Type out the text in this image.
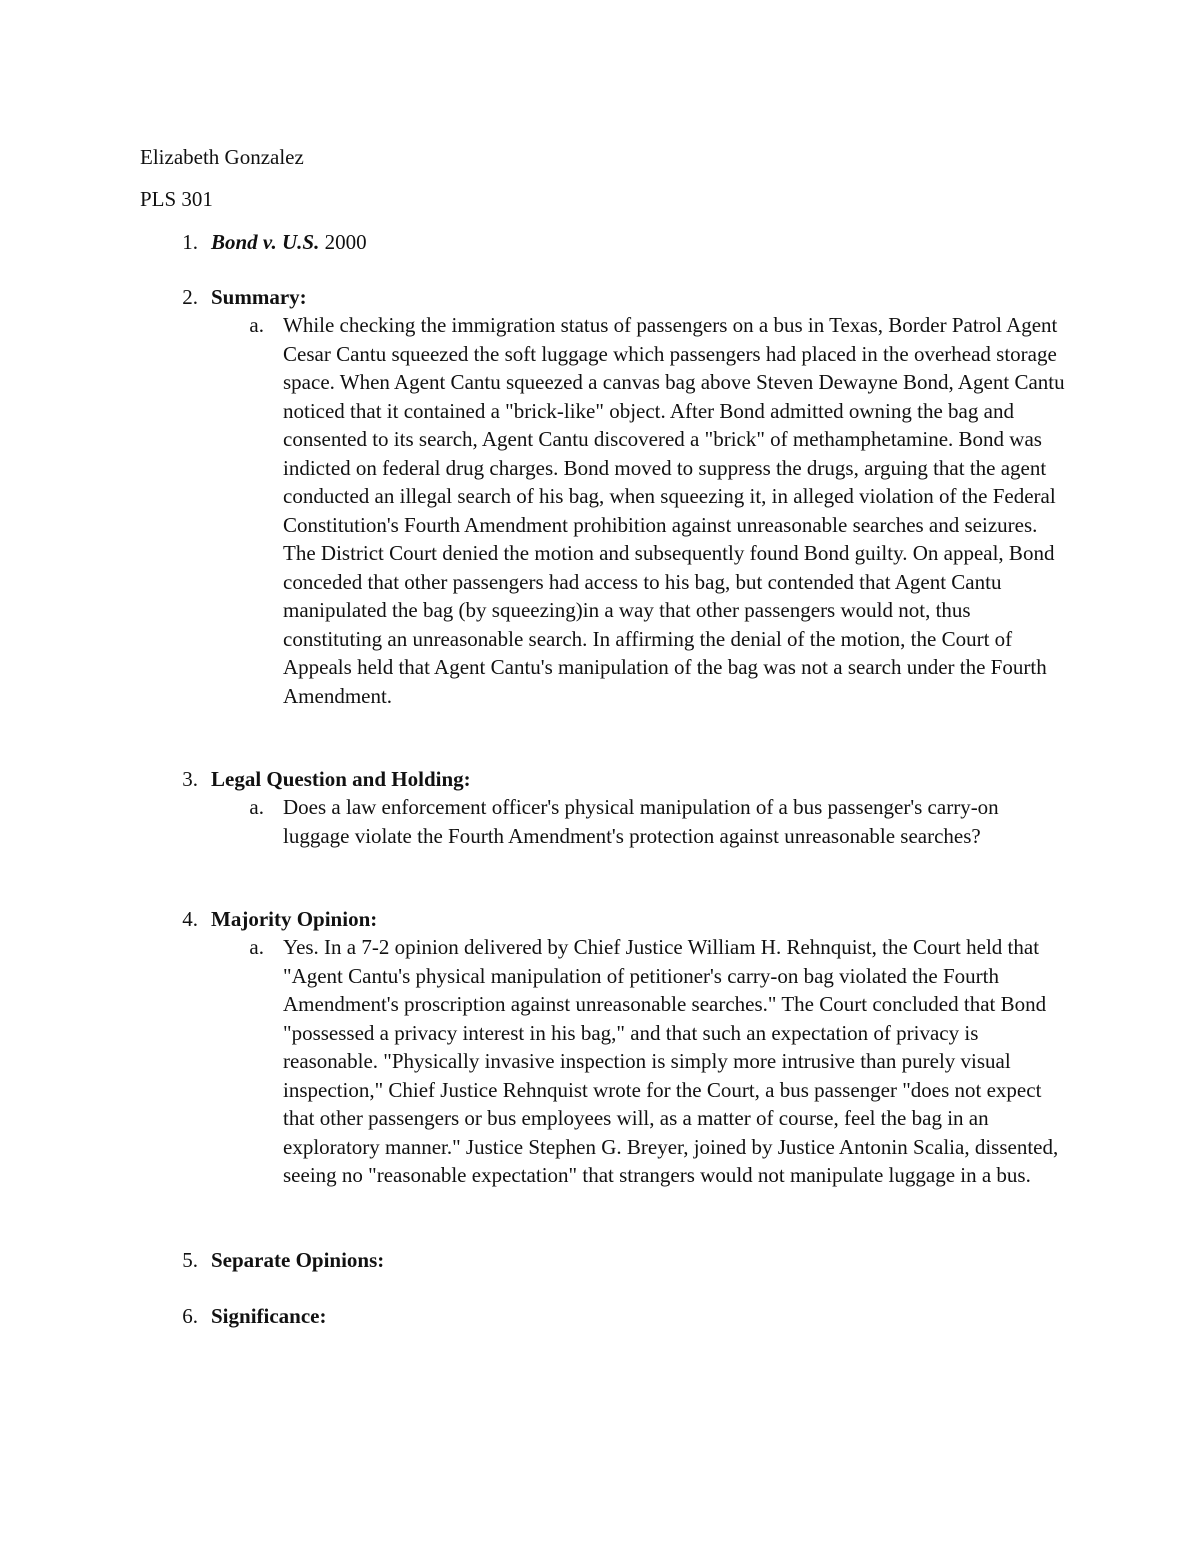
Elizabeth Gonzalez
PLS 301
1. Bond v. U.S. 2000
2. Summary:
a. While checking the immigration status of passengers on a bus in Texas, Border Patrol Agent Cesar Cantu squeezed the soft luggage which passengers had placed in the overhead storage space. When Agent Cantu squeezed a canvas bag above Steven Dewayne Bond, Agent Cantu noticed that it contained a "brick-like" object. After Bond admitted owning the bag and consented to its search, Agent Cantu discovered a "brick" of methamphetamine. Bond was indicted on federal drug charges. Bond moved to suppress the drugs, arguing that the agent conducted an illegal search of his bag, when squeezing it, in alleged violation of the Federal Constitution's Fourth Amendment prohibition against unreasonable searches and seizures. The District Court denied the motion and subsequently found Bond guilty. On appeal, Bond conceded that other passengers had access to his bag, but contended that Agent Cantu manipulated the bag (by squeezing)in a way that other passengers would not, thus constituting an unreasonable search. In affirming the denial of the motion, the Court of Appeals held that Agent Cantu's manipulation of the bag was not a search under the Fourth Amendment.
3. Legal Question and Holding:
a. Does a law enforcement officer's physical manipulation of a bus passenger's carry-on luggage violate the Fourth Amendment's protection against unreasonable searches?
4. Majority Opinion:
a. Yes. In a 7-2 opinion delivered by Chief Justice William H. Rehnquist, the Court held that "Agent Cantu's physical manipulation of petitioner's carry-on bag violated the Fourth Amendment's proscription against unreasonable searches." The Court concluded that Bond "possessed a privacy interest in his bag," and that such an expectation of privacy is reasonable. "Physically invasive inspection is simply more intrusive than purely visual inspection," Chief Justice Rehnquist wrote for the Court, a bus passenger "does not expect that other passengers or bus employees will, as a matter of course, feel the bag in an exploratory manner." Justice Stephen G. Breyer, joined by Justice Antonin Scalia, dissented, seeing no "reasonable expectation" that strangers would not manipulate luggage in a bus.
5. Separate Opinions:
6. Significance:
